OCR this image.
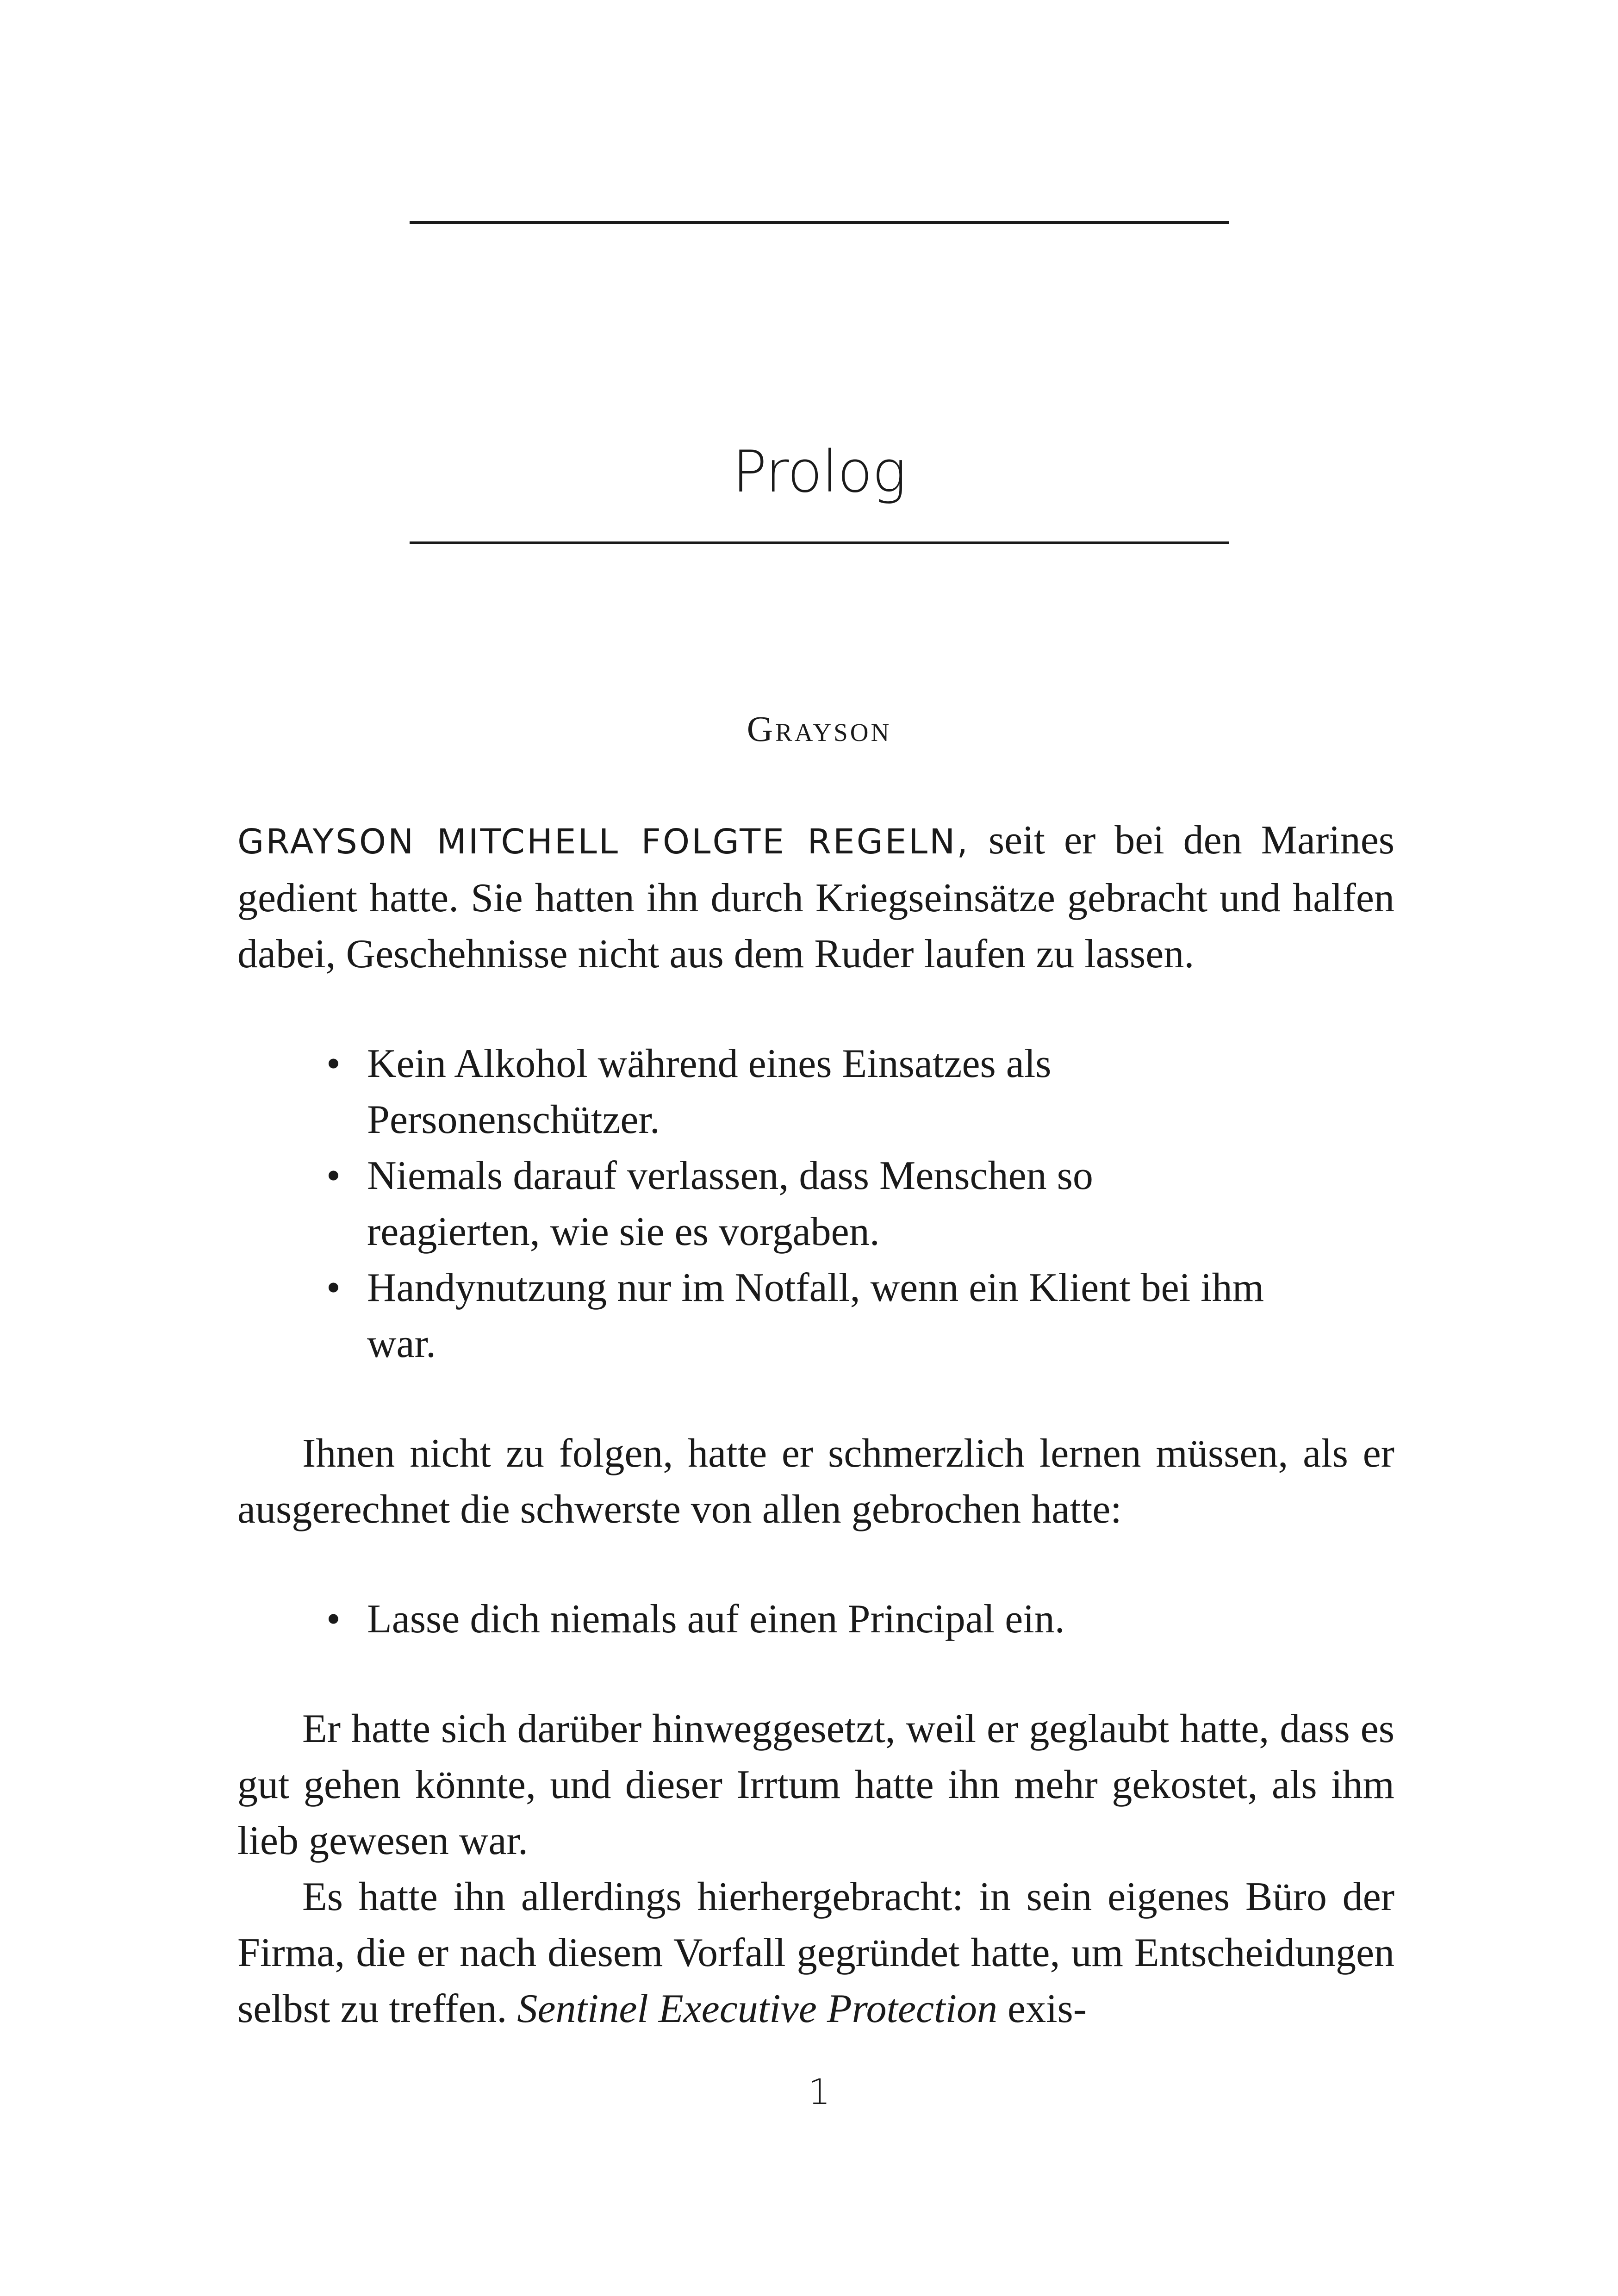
Prolog
Grayson

GRAYSON MITCHELL FOLGTE REGELN, seit er bei den Marines gedient hatte. Sie hatten ihn durch Kriegseinsätze gebracht und halfen dabei, Geschehnisse nicht aus dem Ruder laufen zu lassen.

• Kein Alkohol während eines Einsatzes als Personenschützer.
• Niemals darauf verlassen, dass Menschen so reagierten, wie sie es vorgaben.
• Handynutzung nur im Notfall, wenn ein Klient bei ihm war.

Ihnen nicht zu folgen, hatte er schmerzlich lernen müssen, als er ausgerechnet die schwerste von allen gebrochen hatte:

• Lasse dich niemals auf einen Principal ein.

Er hatte sich darüber hinweggesetzt, weil er geglaubt hatte, dass es gut gehen könnte, und dieser Irrtum hatte ihn mehr gekostet, als ihm lieb gewesen war.

Es hatte ihn allerdings hierhergebracht: in sein eigenes Büro der Firma, die er nach diesem Vorfall gegründet hatte, um Entscheidungen selbst zu treffen. Sentinel Executive Protection exis-

1
